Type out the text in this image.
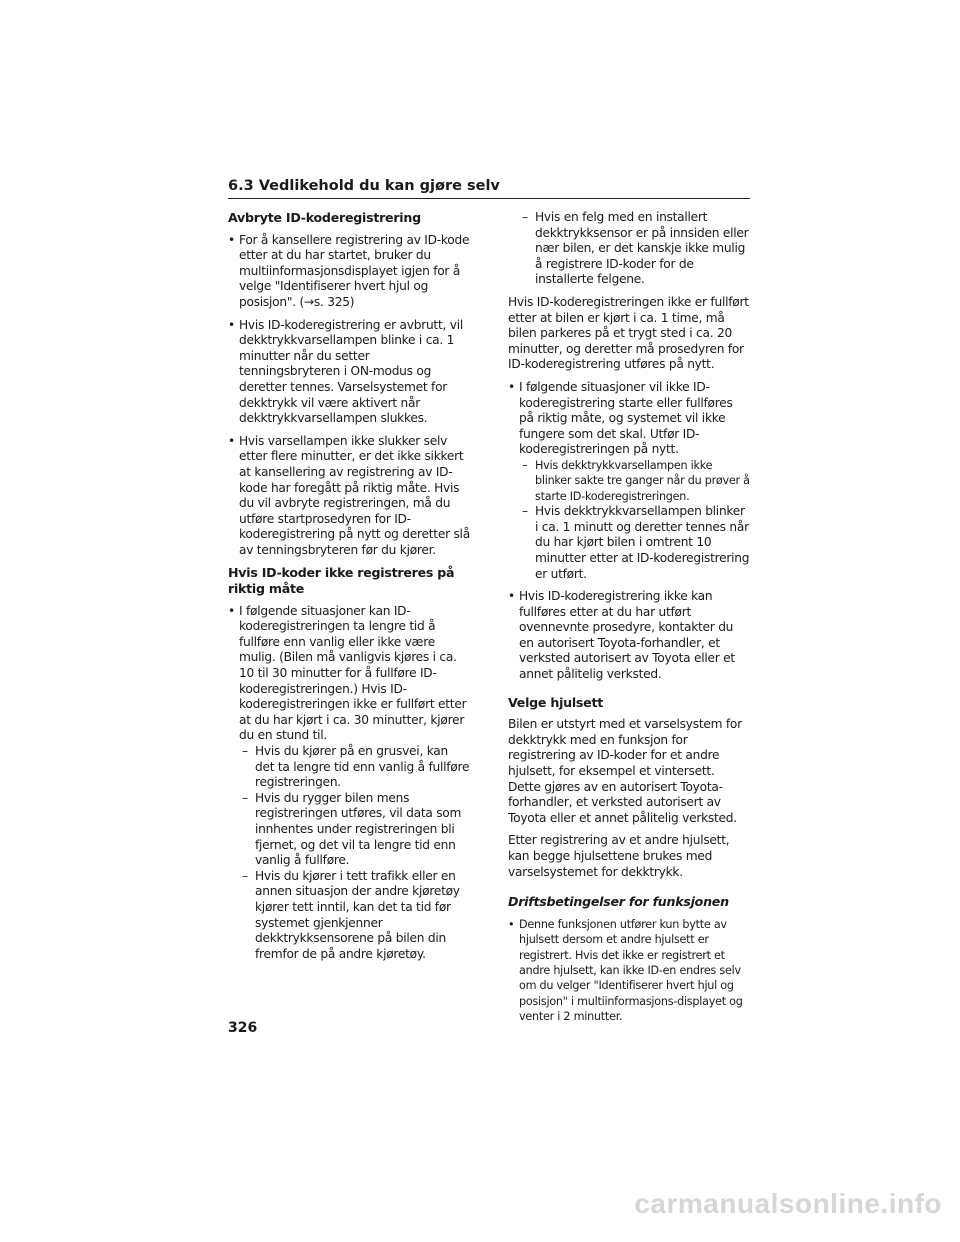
6.3 Vedlikehold du kan gjøre selv
Avbryte ID-koderegistrering
• For å kansellere registrering av ID-kode etter at du har startet, bruker du multiinformasjonsdisplayet igjen for å velge "Identifiserer hvert hjul og posisjon". (→s. 325)
• Hvis ID-koderegistrering er avbrutt, vil dekktrykkvarsellampen blinke i ca. 1 minutter når du setter tenningsbryteren i ON-modus og deretter tennes. Varselsystemet for dekktrykk vil være aktivert når dekktrykkvarsellampen slukkes.
• Hvis varsellampen ikke slukker selv etter flere minutter, er det ikke sikkert at kansellering av registrering av ID-kode har foregått på riktig måte. Hvis du vil avbryte registreringen, må du utføre startprosedyren for ID-koderegistrering på nytt og deretter slå av tenningsbryteren før du kjører.
Hvis ID-koder ikke registreres på riktig måte
• I følgende situasjoner kan ID-koderegistreringen ta lengre tid å fullføre enn vanlig eller ikke være mulig. (Bilen må vanligvis kjøres i ca. 10 til 30 minutter for å fullføre ID-koderegistreringen.) Hvis ID-koderegistreringen ikke er fullført etter at du har kjørt i ca. 30 minutter, kjører du en stund til.
– Hvis du kjører på en grusvei, kan det ta lengre tid enn vanlig å fullføre registreringen.
– Hvis du rygger bilen mens registreringen utføres, vil data som innhentes under registreringen bli fjernet, og det vil ta lengre tid enn vanlig å fullføre.
– Hvis du kjører i tett trafikk eller en annen situasjon der andre kjøretøy kjører tett inntil, kan det ta tid før systemet gjenkjenner dekktrykksensorene på bilen din fremfor de på andre kjøretøy.
– Hvis en felg med en installert dekktrykksensor er på innsiden eller nær bilen, er det kanskje ikke mulig å registrere ID-koder for de installerte felgene.
Hvis ID-koderegistreringen ikke er fullført etter at bilen er kjørt i ca. 1 time, må bilen parkeres på et trygt sted i ca. 20 minutter, og deretter må prosedyren for ID-koderegistrering utføres på nytt.
• I følgende situasjoner vil ikke ID-koderegistrering starte eller fullføres på riktig måte, og systemet vil ikke fungere som det skal. Utfør ID-koderegistreringen på nytt.
– Hvis dekktrykkvarsellampen ikke blinker sakte tre ganger når du prøver å starte ID-koderegistreringen.
– Hvis dekktrykkvarsellampen blinker i ca. 1 minutt og deretter tennes når du har kjørt bilen i omtrent 10 minutter etter at ID-koderegistrering er utført.
• Hvis ID-koderegistrering ikke kan fullføres etter at du har utført ovennevnte prosedyre, kontakter du en autorisert Toyota-forhandler, et verksted autorisert av Toyota eller et annet pålitelig verksted.
Velge hjulsett
Bilen er utstyrt med et varselsystem for dekktrykk med en funksjon for registrering av ID-koder for et andre hjulsett, for eksempel et vintersett. Dette gjøres av en autorisert Toyota-forhandler, et verksted autorisert av Toyota eller et annet pålitelig verksted.
Etter registrering av et andre hjulsett, kan begge hjulsettene brukes med varselsystemet for dekktrykk.
Driftsbetingelser for funksjonen
• Denne funksjonen utfører kun bytte av hjulsett dersom et andre hjulsett er registrert. Hvis det ikke er registrert et andre hjulsett, kan ikke ID-en endres selv om du velger "Identifiserer hvert hjul og posisjon" i multiinformasjons-displayet og venter i 2 minutter.
326
carmanualsonline.info
